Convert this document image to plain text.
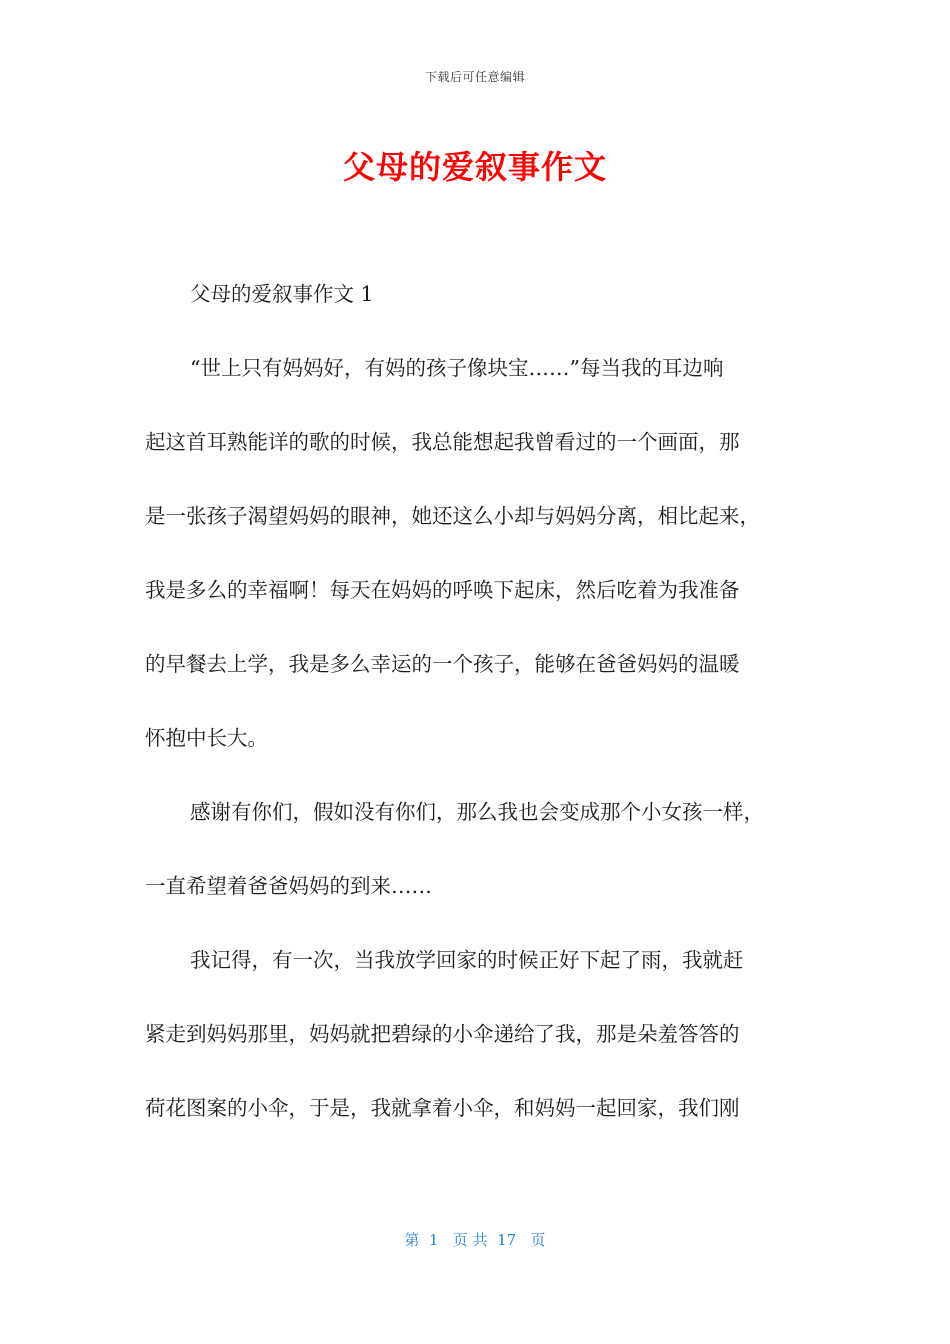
下载后可任意编辑
父母的爱叙事作文
父母的爱叙事作文 1
“世上只有妈妈好，有妈的孩子像块宝……”每当我的耳边响
起这首耳熟能详的歌的时候，我总能想起我曾看过的一个画面，那
是一张孩子渴望妈妈的眼神，她还这么小却与妈妈分离，相比起来，
我是多么的幸福啊！每天在妈妈的呼唤下起床，然后吃着为我准备
的早餐去上学，我是多么幸运的一个孩子，能够在爸爸妈妈的温暖
怀抱中长大。
感谢有你们，假如没有你们，那么我也会变成那个小女孩一样，
一直希望着爸爸妈妈的到来……
我记得，有一次，当我放学回家的时候正好下起了雨，我就赶
紧走到妈妈那里，妈妈就把碧绿的小伞递给了我，那是朵羞答答的
荷花图案的小伞，于是，我就拿着小伞，和妈妈一起回家，我们刚
第  1   页 共  17   页
